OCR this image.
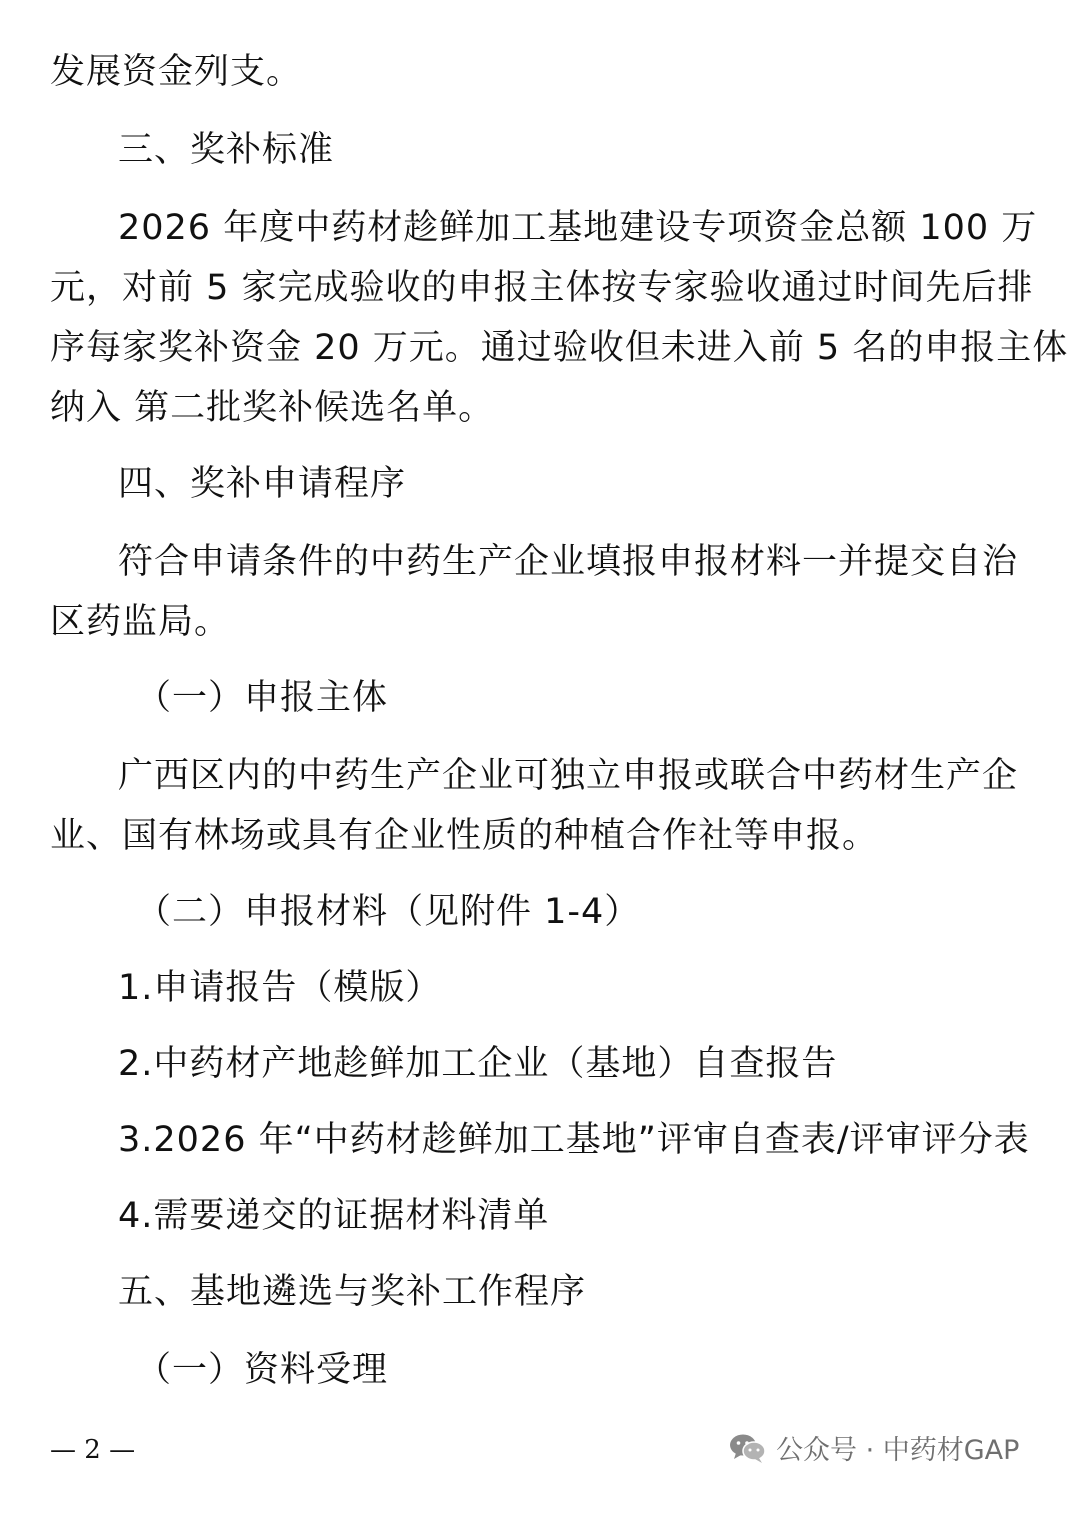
发展资金列支。
三、奖补标准
2026 年度中药材趁鲜加工基地建设专项资金总额 100 万
元，对前 5 家完成验收的申报主体按专家验收通过时间先后排
序每家奖补资金 20 万元。通过验收但未进入前 5 名的申报主体
纳入 第二批奖补候选名单。
四、奖补申请程序
符合申请条件的中药生产企业填报申报材料一并提交自治
区药监局。
（一）申报主体
广西区内的中药生产企业可独立申报或联合中药材生产企
业、国有林场或具有企业性质的种植合作社等申报。
（二）申报材料（见附件 1-4）
1.申请报告（模版）
2.中药材产地趁鲜加工企业（基地）自查报告
3.2026 年“中药材趁鲜加工基地”评审自查表/评审评分表
4.需要递交的证据材料清单
五、基地遴选与奖补工作程序
（一）资料受理
— 2 —	公众号 · 中药材GAP
